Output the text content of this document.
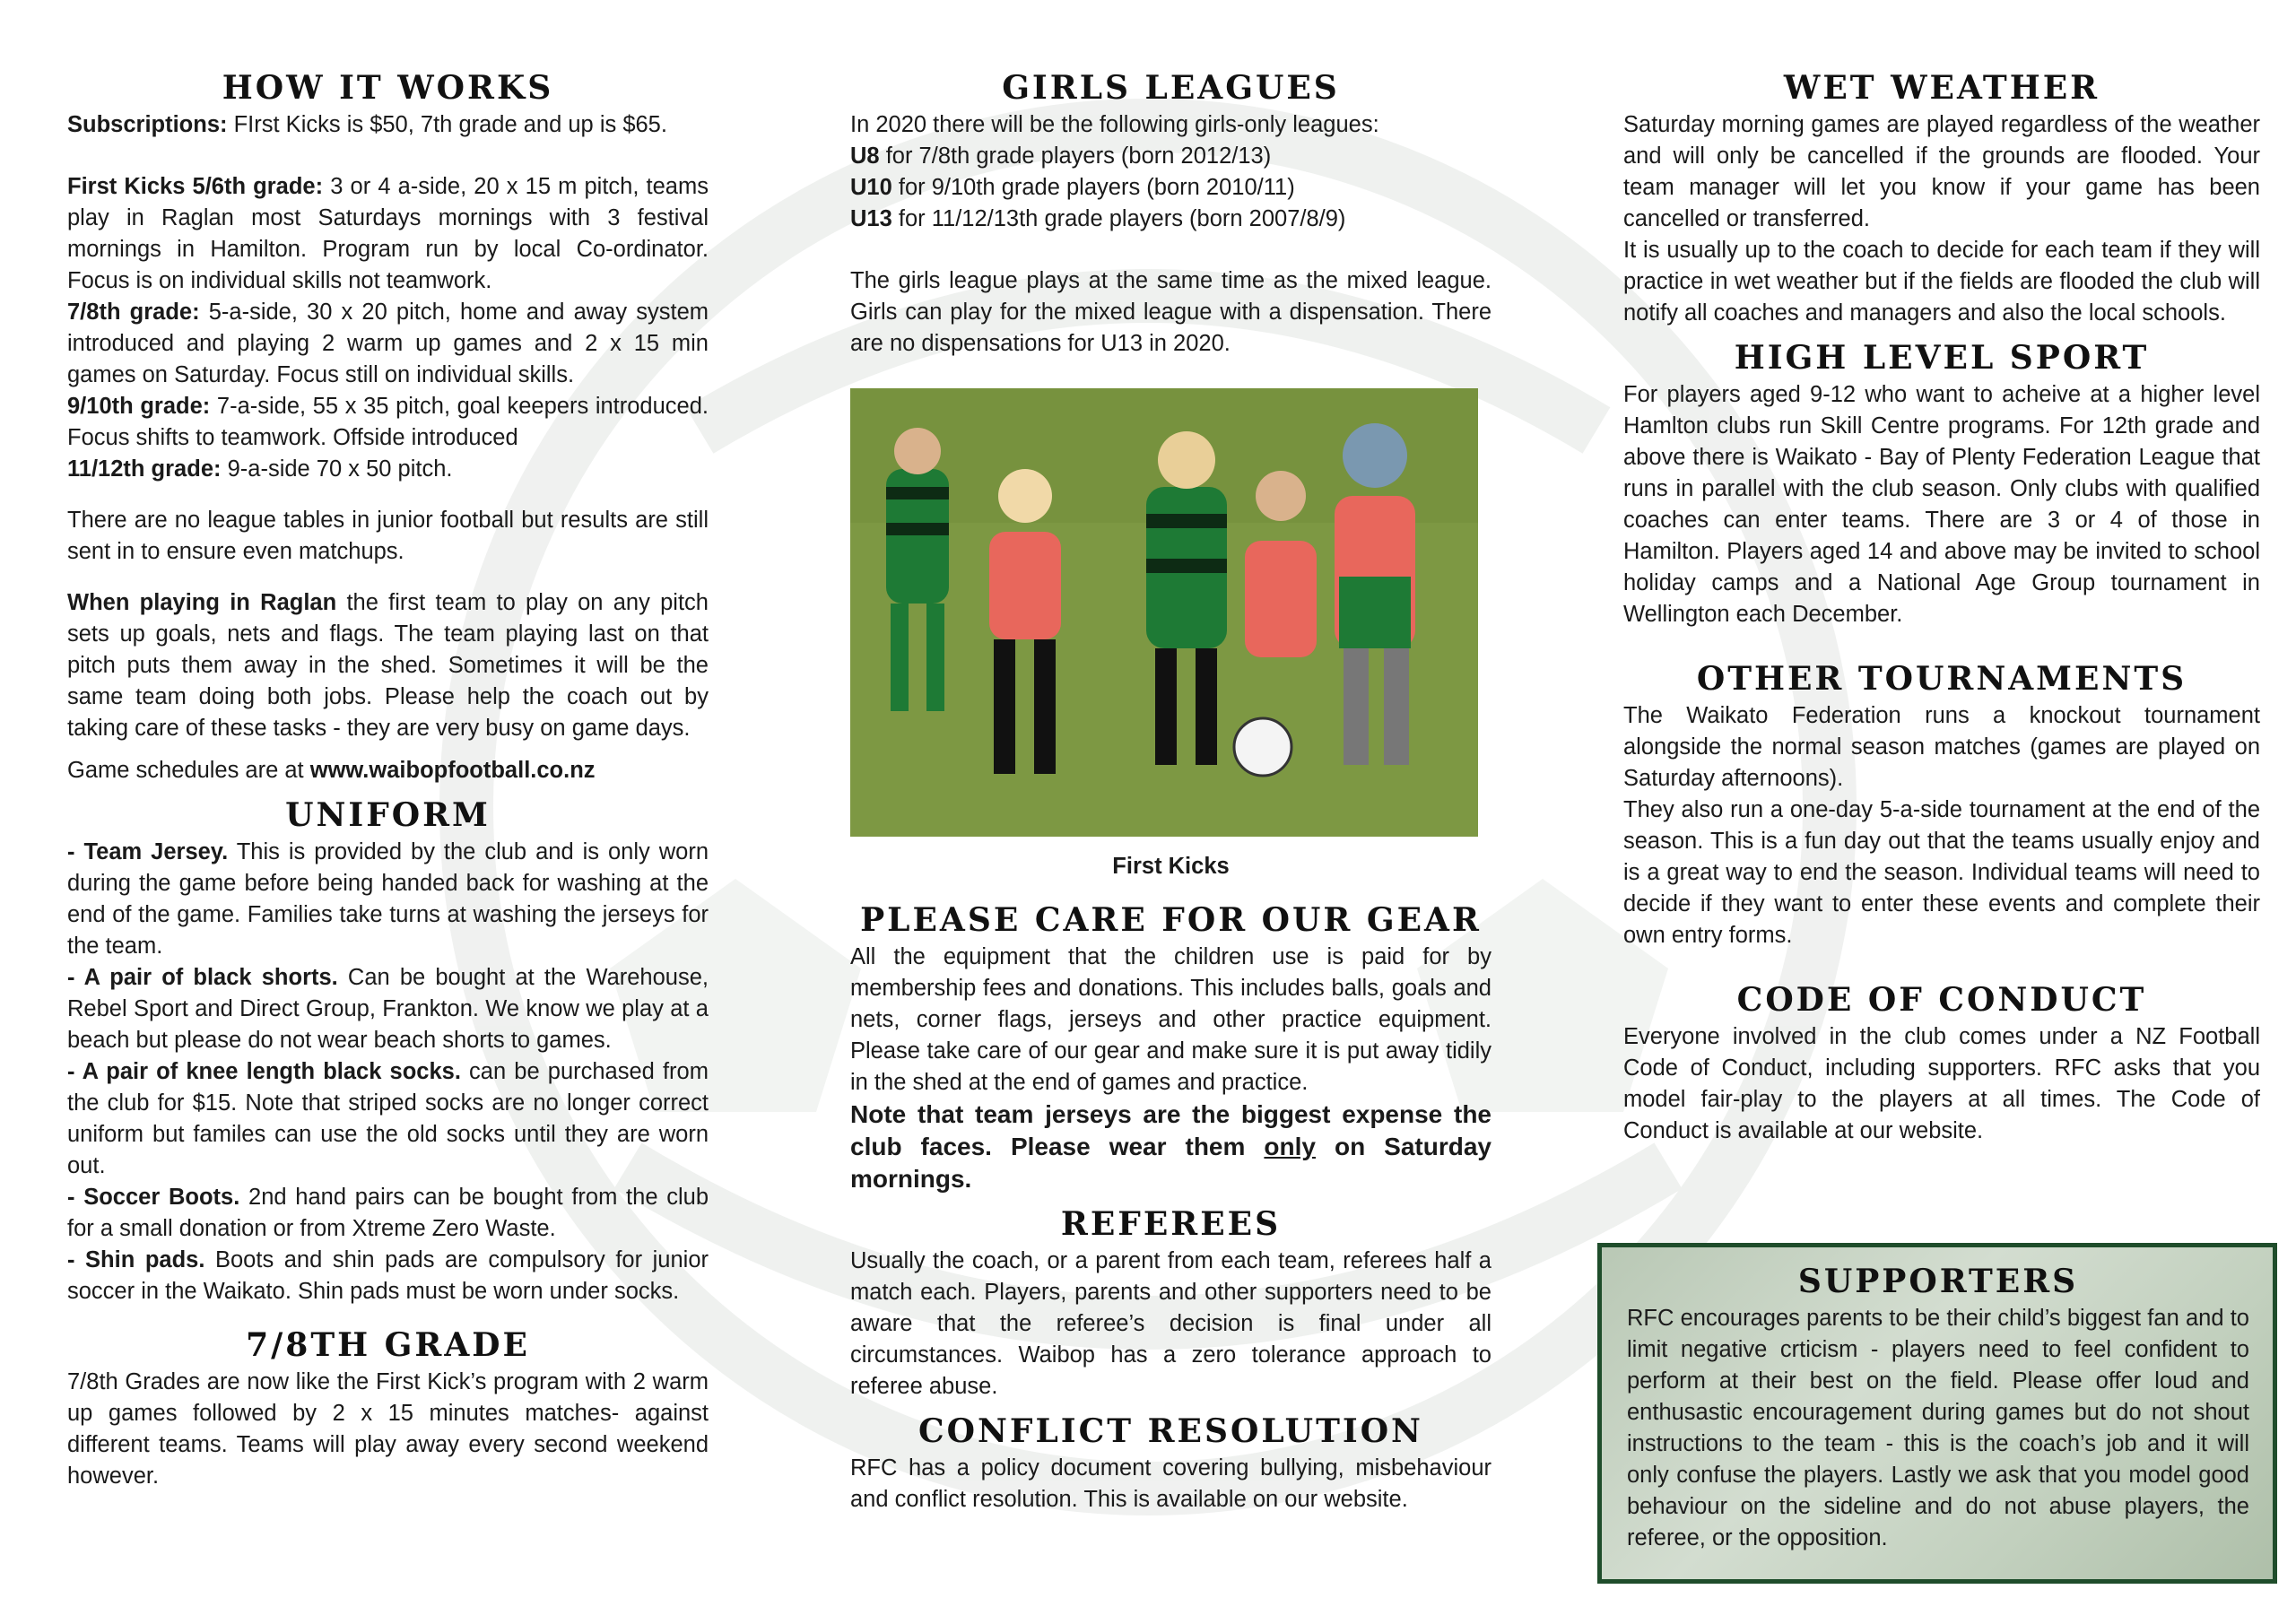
HOW IT WORKS

Subscriptions: FIrst Kicks is $50, 7th grade and up is $65.

First Kicks 5/6th grade: 3 or 4 a-side, 20 x 15 m pitch, teams play in Raglan most Saturdays mornings with 3 festival mornings in Hamilton. Program run by local Co-ordinator. Focus is on individual skills not teamwork.

7/8th grade: 5-a-side, 30 x 20 pitch, home and away system introduced and playing 2 warm up games and 2 x 15 min games on Saturday. Focus still on individual skills.

9/10th grade: 7-a-side, 55 x 35 pitch, goal keepers introduced. Focus shifts to teamwork. Offside introduced

11/12th grade: 9-a-side 70 x 50 pitch.

There are no league tables in junior football but results are still sent in to ensure even matchups.

When playing in Raglan the first team to play on any pitch sets up goals, nets and flags. The team playing last on that pitch puts them away in the shed. Sometimes it will be the same team doing both jobs. Please help the coach out by taking care of these tasks - they are very busy on game days.

Game schedules are at www.waibopfootball.co.nz

UNIFORM

- Team Jersey. This is provided by the club and is only worn during the game before being handed back for washing at the end of the game. Families take turns at washing the jerseys for the team.

- A pair of black shorts. Can be bought at the Warehouse, Rebel Sport and Direct Group, Frankton. We know we play at a beach but please do not wear beach shorts to games.

- A pair of knee length black socks. can be purchased from the club for $15. Note that striped socks are no longer correct uniform but familes can use the old socks until they are worn out.

- Soccer Boots. 2nd hand pairs can be bought from the club for a small donation or from Xtreme Zero Waste.

- Shin pads. Boots and shin pads are compulsory for junior soccer in the Waikato. Shin pads must be worn under socks.

7/8TH GRADE

7/8th Grades are now like the First Kick’s program with 2 warm up games followed by 2 x 15 minutes matches- against different teams. Teams will play away every second weekend however.

GIRLS LEAGUES

In 2020 there will be the following girls-only leagues:

U8 for 7/8th grade players (born 2012/13)

U10 for 9/10th grade players (born 2010/11)

U13 for 11/12/13th grade players (born 2007/8/9)

The girls league plays at the same time as the mixed league. Girls can play for the mixed league with a dispensation. There are no dispensations for U13 in 2020.

First Kicks

PLEASE CARE FOR OUR GEAR

All the equipment that the children use is paid for by membership fees and donations. This includes balls, goals and nets, corner flags, jerseys and other practice equipment. Please take care of our gear and make sure it is put away tidily in the shed at the end of games and practice.

Note that team jerseys are the biggest expense the club faces. Please wear them only on Saturday mornings.

REFEREES

Usually the coach, or a parent from each team, referees half a match each. Players, parents and other supporters need to be aware that the referee’s decision is final under all circumstances. Waibop has a zero tolerance approach to referee abuse.

CONFLICT RESOLUTION

RFC has a policy document covering bullying, misbehaviour and conflict resolution. This is available on our website.

WET WEATHER

Saturday morning games are played regardless of the weather and will only be cancelled if the grounds are flooded. Your team manager will let you know if your game has been cancelled or transferred.

It is usually up to the coach to decide for each team if they will practice in wet weather but if the fields are flooded the club will notify all coaches and managers and also the local schools.

HIGH LEVEL SPORT

For players aged 9-12 who want to acheive at a higher level Hamlton clubs run Skill Centre programs. For 12th grade and above there is Waikato - Bay of Plenty Federation League that runs in parallel with the club season. Only clubs with qualified coaches can enter teams. There are 3 or 4 of those in Hamilton. Players aged 14 and above may be invited to school holiday camps and a National Age Group tournament in Wellington each December.

OTHER TOURNAMENTS

The Waikato Federation runs a knockout tournament alongside the normal season matches (games are played on Saturday afternoons).

They also run a one-day 5-a-side tournament at the end of the season. This is a fun day out that the teams usually enjoy and is a great way to end the season. Individual teams will need to decide if they want to enter these events and complete their own entry forms.

CODE OF CONDUCT

Everyone involved in the club comes under a NZ Football Code of Conduct, including supporters. RFC asks that you model fair-play to the players at all times. The Code of Conduct is available at our website.

SUPPORTERS

RFC encourages parents to be their child’s biggest fan and to limit negative crticism - players need to feel confident to perform at their best on the field. Please offer loud and enthusastic encouragement during games but do not shout instructions to the team - this is the coach’s job and it will only confuse the players. Lastly we ask that you model good behaviour on the sideline and do not abuse players, the referee, or the opposition.
